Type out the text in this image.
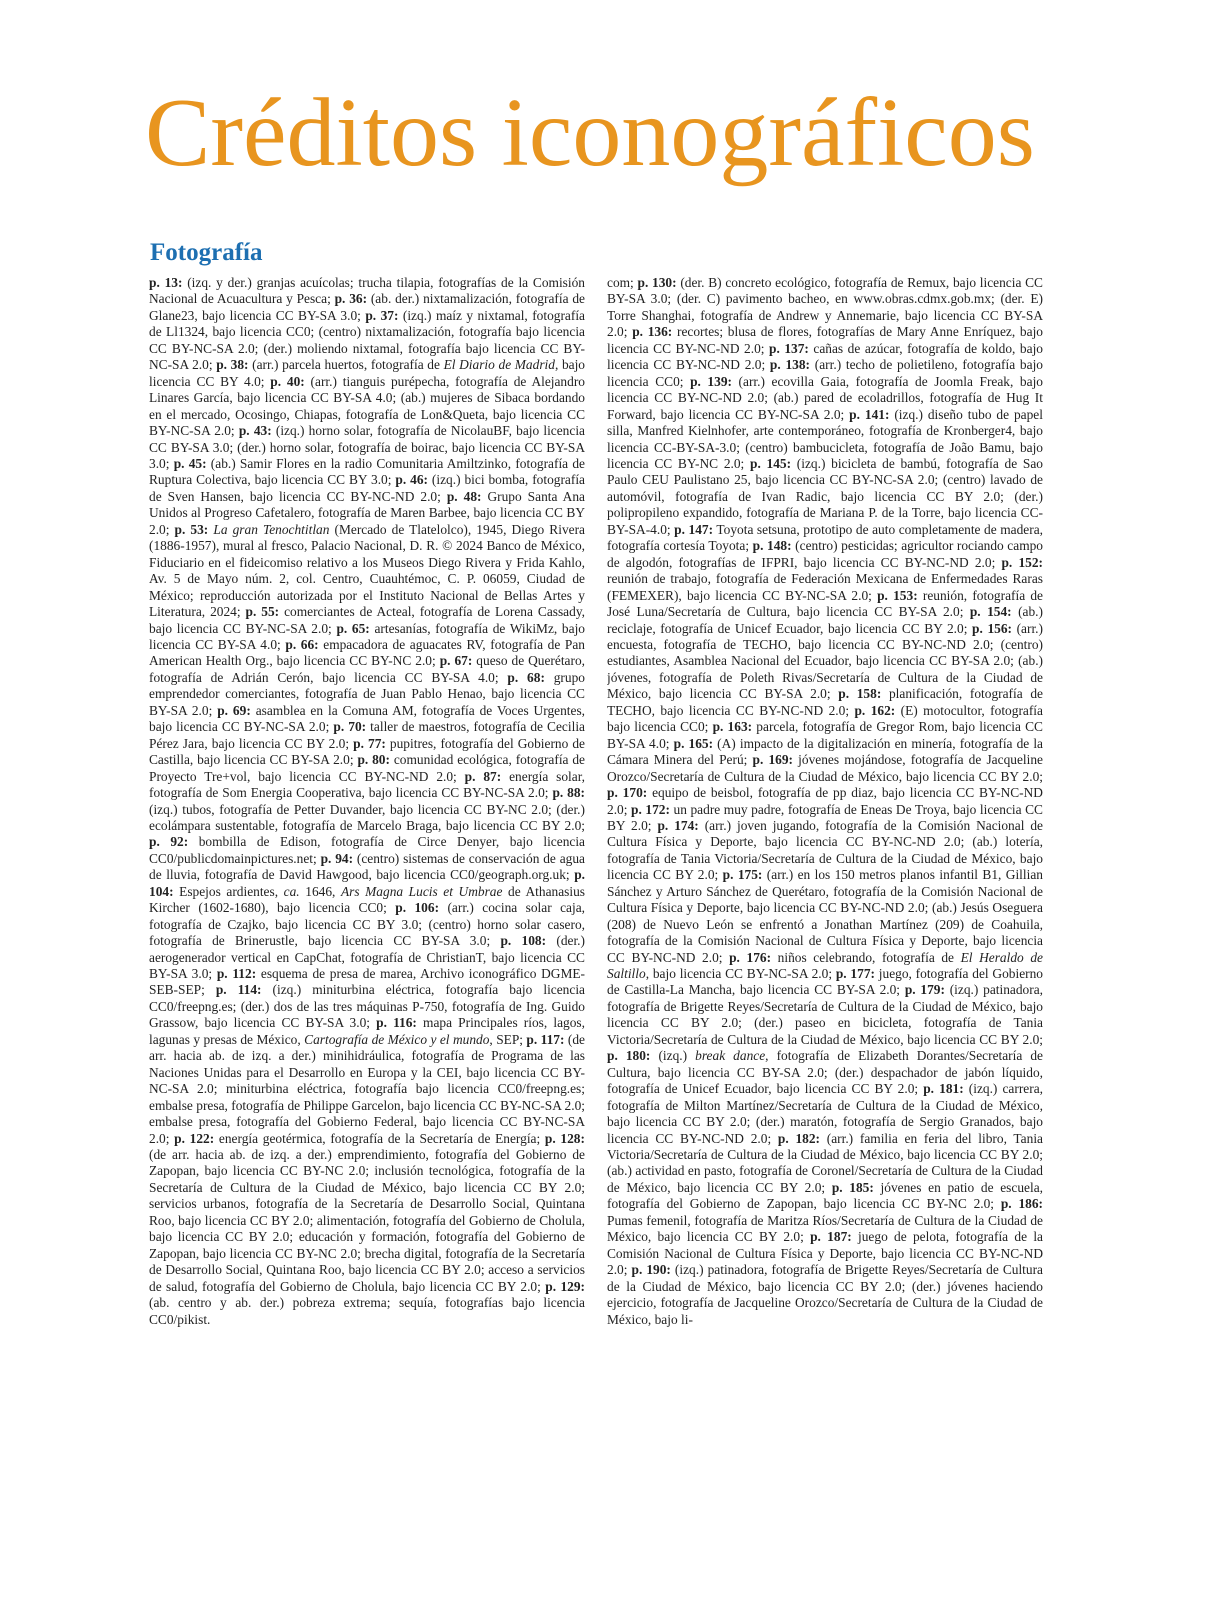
Créditos iconográficos
Fotografía

p. 13: (izq. y der.) granjas acuícolas; trucha tilapia, fotografías de la Comisión Nacional de Acuacultura y Pesca; p. 36: (ab. der.) nixtamalización, fotografía de Glane23, bajo licencia CC BY-SA 3.0; p. 37: (izq.) maíz y nixtamal, fotografía de Ll1324, bajo licencia CC0; (centro) nixtamalización, fotografía bajo licencia CC BY-NC-SA 2.0; (der.) moliendo nixtamal, fotografía bajo licencia CC BY-NC-SA 2.0; p. 38: (arr.) parcela huertos, fotografía de El Diario de Madrid, bajo licencia CC BY 4.0; p. 40: (arr.) tianguis purépecha, fotografía de Alejandro Linares García, bajo licencia CC BY-SA 4.0; (ab.) mujeres de Sibaca bordando en el mercado, Ocosingo, Chiapas, fotografía de Lon&Queta, bajo licencia CC BY-NC-SA 2.0; p. 43: (izq.) horno solar, fotografía de NicolauBF, bajo licencia CC BY-SA 3.0; (der.) horno solar, fotografía de boirac, bajo licencia CC BY-SA 3.0; p. 45: (ab.) Samir Flores en la radio Comunitaria Amiltzinko, fotografía de Ruptura Colectiva, bajo licencia CC BY 3.0; p. 46: (izq.) bici bomba, fotografía de Sven Hansen, bajo licencia CC BY-NC-ND 2.0; p. 48: Grupo Santa Ana Unidos al Progreso Cafetalero, fotografía de Maren Barbee, bajo licencia CC BY 2.0; p. 53: La gran Tenochtitlan (Mercado de Tlatelolco), 1945, Diego Rivera (1886-1957), mural al fresco, Palacio Nacional, D. R. © 2024 Banco de México, Fiduciario en el fideicomiso relativo a los Museos Diego Rivera y Frida Kahlo, Av. 5 de Mayo núm. 2, col. Centro, Cuauhtémoc, C. P. 06059, Ciudad de México; reproducción autorizada por el Instituto Nacional de Bellas Artes y Literatura, 2024; p. 55: comerciantes de Acteal, fotografía de Lorena Cassady, bajo licencia CC BY-NC-SA 2.0; p. 65: artesanías, fotografía de WikiMz, bajo licencia CC BY-SA 4.0; p. 66: empacadora de aguacates RV, fotografía de Pan American Health Org., bajo licencia CC BY-NC 2.0; p. 67: queso de Querétaro, fotografía de Adrián Cerón, bajo licencia CC BY-SA 4.0; p. 68: grupo emprendedor comerciantes, fotografía de Juan Pablo Henao, bajo licencia CC BY-SA 2.0; p. 69: asamblea en la Comuna AM, fotografía de Voces Urgentes, bajo licencia CC BY-NC-SA 2.0; p. 70: taller de maestros, fotografía de Cecilia Pérez Jara, bajo licencia CC BY 2.0; p. 77: pupitres, fotografía del Gobierno de Castilla, bajo licencia CC BY-SA 2.0; p. 80: comunidad ecológica, fotografía de Proyecto Tre+vol, bajo licencia CC BY-NC-ND 2.0; p. 87: energía solar, fotografía de Som Energia Cooperativa, bajo licencia CC BY-NC-SA 2.0; p. 88: (izq.) tubos, fotografía de Petter Duvander, bajo licencia CC BY-NC 2.0; (der.) ecolámpara sustentable, fotografía de Marcelo Braga, bajo licencia CC BY 2.0; p. 92: bombilla de Edison, fotografía de Circe Denyer, bajo licencia CC0/publicdomainpictures.net; p. 94: (centro) sistemas de conservación de agua de lluvia, fotografía de David Hawgood, bajo licencia CC0/geograph.org.uk; p. 104: Espejos ardientes, ca. 1646, Ars Magna Lucis et Umbrae de Athanasius Kircher (1602-1680), bajo licencia CC0; p. 106: (arr.) cocina solar caja, fotografía de Czajko, bajo licencia CC BY 3.0; (centro) horno solar casero, fotografía de Brinerustle, bajo licencia CC BY-SA 3.0; p. 108: (der.) aerogenerador vertical en CapChat, fotografía de ChristianT, bajo licencia CC BY-SA 3.0; p. 112: esquema de presa de marea, Archivo iconográfico DGME-SEB-SEP; p. 114: (izq.) miniturbina eléctrica, fotografía bajo licencia CC0/freepng.es; (der.) dos de las tres máquinas P-750, fotografía de Ing. Guido Grassow, bajo licencia CC BY-SA 3.0; p. 116: mapa Principales ríos, lagos, lagunas y presas de México, Cartografía de México y el mundo, SEP; p. 117: (de arr. hacia ab. de izq. a der.) minihidráulica, fotografía de Programa de las Naciones Unidas para el Desarrollo en Europa y la CEI, bajo licencia CC BY-NC-SA 2.0; miniturbina eléctrica, fotografía bajo licencia CC0/freepng.es; embalse presa, fotografía de Philippe Garcelon, bajo licencia CC BY-NC-SA 2.0; embalse presa, fotografía del Gobierno Federal, bajo licencia CC BY-NC-SA 2.0; p. 122: energía geotérmica, fotografía de la Secretaría de Energía; p. 128: (de arr. hacia ab. de izq. a der.) emprendimiento, fotografía del Gobierno de Zapopan, bajo licencia CC BY-NC 2.0; inclusión tecnológica, fotografía de la Secretaría de Cultura de la Ciudad de México, bajo licencia CC BY 2.0; servicios urbanos, fotografía de la Secretaría de Desarrollo Social, Quintana Roo, bajo licencia CC BY 2.0; alimentación, fotografía del Gobierno de Cholula, bajo licencia CC BY 2.0; educación y formación, fotografía del Gobierno de Zapopan, bajo licencia CC BY-NC 2.0; brecha digital, fotografía de la Secretaría de Desarrollo Social, Quintana Roo, bajo licencia CC BY 2.0; acceso a servicios de salud, fotografía del Gobierno de Cholula, bajo licencia CC BY 2.0; p. 129: (ab. centro y ab. der.) pobreza extrema; sequía, fotografías bajo licencia CC0/pikist.

com; p. 130: (der. B) concreto ecológico, fotografía de Remux, bajo licencia CC BY-SA 3.0; (der. C) pavimento bacheo, en www.obras.cdmx.gob.mx; (der. E) Torre Shanghai, fotografía de Andrew y Annemarie, bajo licencia CC BY-SA 2.0; p. 136: recortes; blusa de flores, fotografías de Mary Anne Enríquez, bajo licencia CC BY-NC-ND 2.0; p. 137: cañas de azúcar, fotografía de koldo, bajo licencia CC BY-NC-ND 2.0; p. 138: (arr.) techo de polietileno, fotografía bajo licencia CC0; p. 139: (arr.) ecovilla Gaia, fotografía de Joomla Freak, bajo licencia CC BY-NC-ND 2.0; (ab.) pared de ecoladrillos, fotografía de Hug It Forward, bajo licencia CC BY-NC-SA 2.0; p. 141: (izq.) diseño tubo de papel silla, Manfred Kielnhofer, arte contemporáneo, fotografía de Kronberger4, bajo licencia CC-BY-SA-3.0; (centro) bambucicleta, fotografía de João Bamu, bajo licencia CC BY-NC 2.0; p. 145: (izq.) bicicleta de bambú, fotografía de Sao Paulo CEU Paulistano 25, bajo licencia CC BY-NC-SA 2.0; (centro) lavado de automóvil, fotografía de Ivan Radic, bajo licencia CC BY 2.0; (der.) polipropileno expandido, fotografía de Mariana P. de la Torre, bajo licencia CC-BY-SA-4.0; p. 147: Toyota setsuna, prototipo de auto completamente de madera, fotografía cortesía Toyota; p. 148: (centro) pesticidas; agricultor rociando campo de algodón, fotografías de IFPRI, bajo licencia CC BY-NC-ND 2.0; p. 152: reunión de trabajo, fotografía de Federación Mexicana de Enfermedades Raras (FEMEXER), bajo licencia CC BY-NC-SA 2.0; p. 153: reunión, fotografía de José Luna/Secretaría de Cultura, bajo licencia CC BY-SA 2.0; p. 154: (ab.) reciclaje, fotografía de Unicef Ecuador, bajo licencia CC BY 2.0; p. 156: (arr.) encuesta, fotografía de TECHO, bajo licencia CC BY-NC-ND 2.0; (centro) estudiantes, Asamblea Nacional del Ecuador, bajo licencia CC BY-SA 2.0; (ab.) jóvenes, fotografía de Poleth Rivas/Secretaría de Cultura de la Ciudad de México, bajo licencia CC BY-SA 2.0; p. 158: planificación, fotografía de TECHO, bajo licencia CC BY-NC-ND 2.0; p. 162: (E) motocultor, fotografía bajo licencia CC0; p. 163: parcela, fotografía de Gregor Rom, bajo licencia CC BY-SA 4.0; p. 165: (A) impacto de la digitalización en minería, fotografía de la Cámara Minera del Perú; p. 169: jóvenes mojándose, fotografía de Jacqueline Orozco/Secretaría de Cultura de la Ciudad de México, bajo licencia CC BY 2.0; p. 170: equipo de beisbol, fotografía de pp diaz, bajo licencia CC BY-NC-ND 2.0; p. 172: un padre muy padre, fotografía de Eneas De Troya, bajo licencia CC BY 2.0; p. 174: (arr.) joven jugando, fotografía de la Comisión Nacional de Cultura Física y Deporte, bajo licencia CC BY-NC-ND 2.0; (ab.) lotería, fotografía de Tania Victoria/Secretaría de Cultura de la Ciudad de México, bajo licencia CC BY 2.0; p. 175: (arr.) en los 150 metros planos infantil B1, Gillian Sánchez y Arturo Sánchez de Querétaro, fotografía de la Comisión Nacional de Cultura Física y Deporte, bajo licencia CC BY-NC-ND 2.0; (ab.) Jesús Oseguera (208) de Nuevo León se enfrentó a Jonathan Martínez (209) de Coahuila, fotografía de la Comisión Nacional de Cultura Física y Deporte, bajo licencia CC BY-NC-ND 2.0; p. 176: niños celebrando, fotografía de El Heraldo de Saltillo, bajo licencia CC BY-NC-SA 2.0; p. 177: juego, fotografía del Gobierno de Castilla-La Mancha, bajo licencia CC BY-SA 2.0; p. 179: (izq.) patinadora, fotografía de Brigette Reyes/Secretaría de Cultura de la Ciudad de México, bajo licencia CC BY 2.0; (der.) paseo en bicicleta, fotografía de Tania Victoria/Secretaría de Cultura de la Ciudad de México, bajo licencia CC BY 2.0; p. 180: (izq.) break dance, fotografía de Elizabeth Dorantes/Secretaría de Cultura, bajo licencia CC BY-SA 2.0; (der.) despachador de jabón líquido, fotografía de Unicef Ecuador, bajo licencia CC BY 2.0; p. 181: (izq.) carrera, fotografía de Milton Martínez/Secretaría de Cultura de la Ciudad de México, bajo licencia CC BY 2.0; (der.) maratón, fotografía de Sergio Granados, bajo licencia CC BY-NC-ND 2.0; p. 182: (arr.) familia en feria del libro, Tania Victoria/Secretaría de Cultura de la Ciudad de México, bajo licencia CC BY 2.0; (ab.) actividad en pasto, fotografía de Coronel/Secretaría de Cultura de la Ciudad de México, bajo licencia CC BY 2.0; p. 185: jóvenes en patio de escuela, fotografía del Gobierno de Zapopan, bajo licencia CC BY-NC 2.0; p. 186: Pumas femenil, fotografía de Maritza Ríos/Secretaría de Cultura de la Ciudad de México, bajo licencia CC BY 2.0; p. 187: juego de pelota, fotografía de la Comisión Nacional de Cultura Física y Deporte, bajo licencia CC BY-NC-ND 2.0; p. 190: (izq.) patinadora, fotografía de Brigette Reyes/Secretaría de Cultura de la Ciudad de México, bajo licencia CC BY 2.0; (der.) jóvenes haciendo ejercicio, fotografía de Jacqueline Orozco/Secretaría de Cultura de la Ciudad de México, bajo li-
